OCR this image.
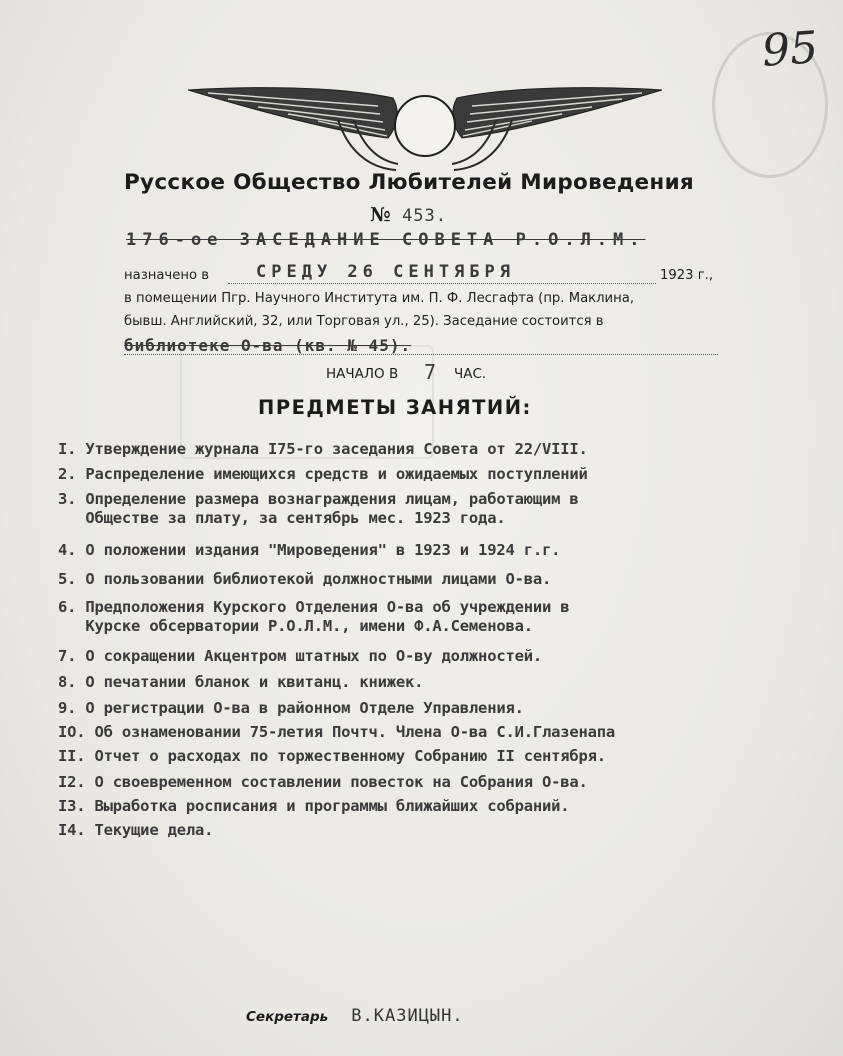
95
Русское Общество Любителей Мироведения
№ 453.
176-ое ЗАСЕДАНИЕ СОВЕТА Р.О.Л.М.
назначено в	СРЕДУ 26 СЕНТЯБРЯ	1923 г.,
в помещении Пгр. Научного Института им. П. Ф. Лесгафта (пр. Маклина,
бывш. Английский, 32, или Торговая ул., 25). Заседание состоится в
библиотеке О-ва (кв. № 45).
НАЧАЛО В 7 ЧАС.
ПРЕДМЕТЫ ЗАНЯТИЙ:
I. Утверждение журнала I75-го заседания Совета от 22/VIII.
2. Распределение имеющихся средств и ожидаемых поступлений
3. Определение размера вознаграждения лицам, работающим в
Обществе за плату, за сентябрь мес. 1923 года.
4. О положении издания "Мироведения" в 1923 и 1924 г.г.
5. О пользовании библиотекой должностными лицами О-ва.
6. Предположения Курского Отделения О-ва об учреждении в
Курске обсерватории Р.О.Л.М., имени Ф.А.Семенова.
7. О сокращении Акцентром штатных по О-ву должностей.
8. О печатании бланок и квитанц. книжек.
9. О регистрации О-ва в районном Отделе Управления.
IO. Об ознаменовании 75-летия Почтч. Члена О-ва С.И.Глазенапа
II. Отчет о расходах по торжественному Собранию II сентября.
I2. О своевременном составлении повесток на Собрания О-ва.
I3. Выработка росписания и программы ближайших собраний.
I4. Текущие дела.
Секретарь В.КАЗИЦЫН.
